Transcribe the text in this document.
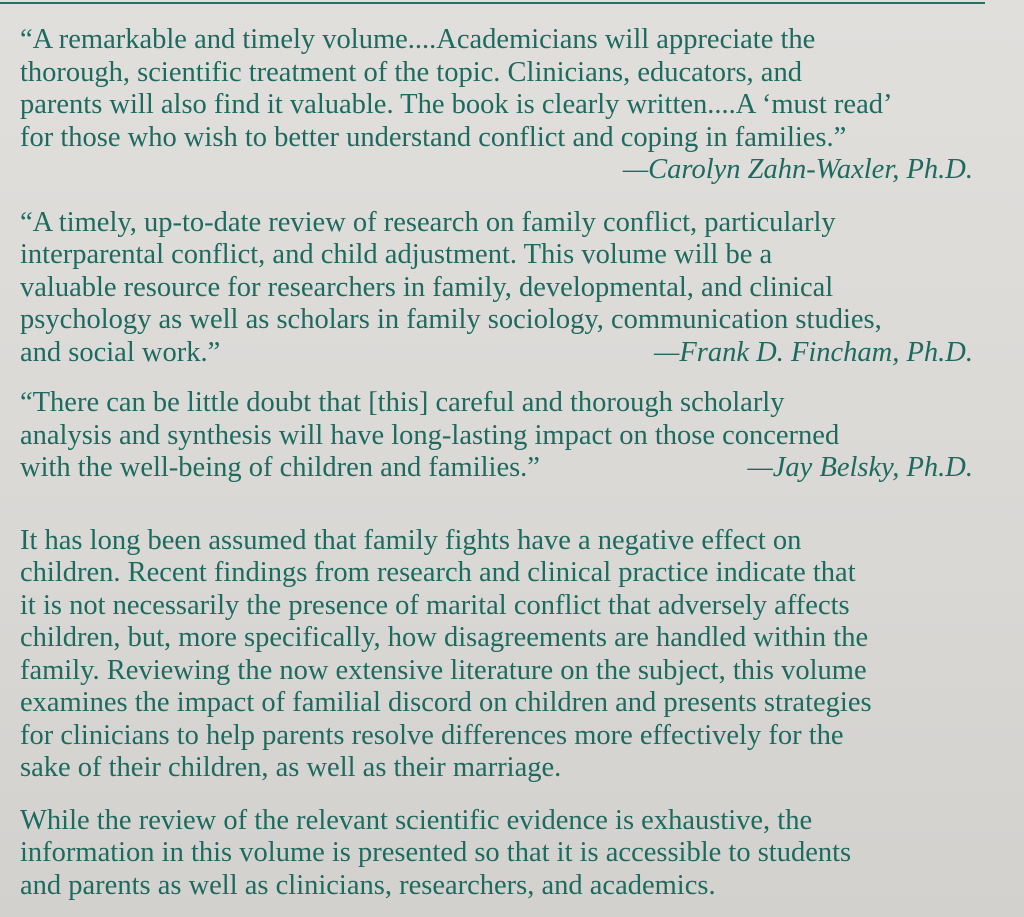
“A remarkable and timely volume....Academicians will appreciate the
thorough, scientific treatment of the topic. Clinicians, educators, and
parents will also find it valuable. The book is clearly written....A ‘must read’
for those who wish to better understand conflict and coping in families.”
—Carolyn Zahn-Waxler, Ph.D.
“A timely, up-to-date review of research on family conflict, particularly
interparental conflict, and child adjustment. This volume will be a
valuable resource for researchers in family, developmental, and clinical
psychology as well as scholars in family sociology, communication studies,
and social work.”	—Frank D. Fincham, Ph.D.
“There can be little doubt that [this] careful and thorough scholarly
analysis and synthesis will have long-lasting impact on those concerned
with the well-being of children and families.”	—Jay Belsky, Ph.D.
It has long been assumed that family fights have a negative effect on
children. Recent findings from research and clinical practice indicate that
it is not necessarily the presence of marital conflict that adversely affects
children, but, more specifically, how disagreements are handled within the
family. Reviewing the now extensive literature on the subject, this volume
examines the impact of familial discord on children and presents strategies
for clinicians to help parents resolve differences more effectively for the
sake of their children, as well as their marriage.
While the review of the relevant scientific evidence is exhaustive, the
information in this volume is presented so that it is accessible to students
and parents as well as clinicians, researchers, and academics.
